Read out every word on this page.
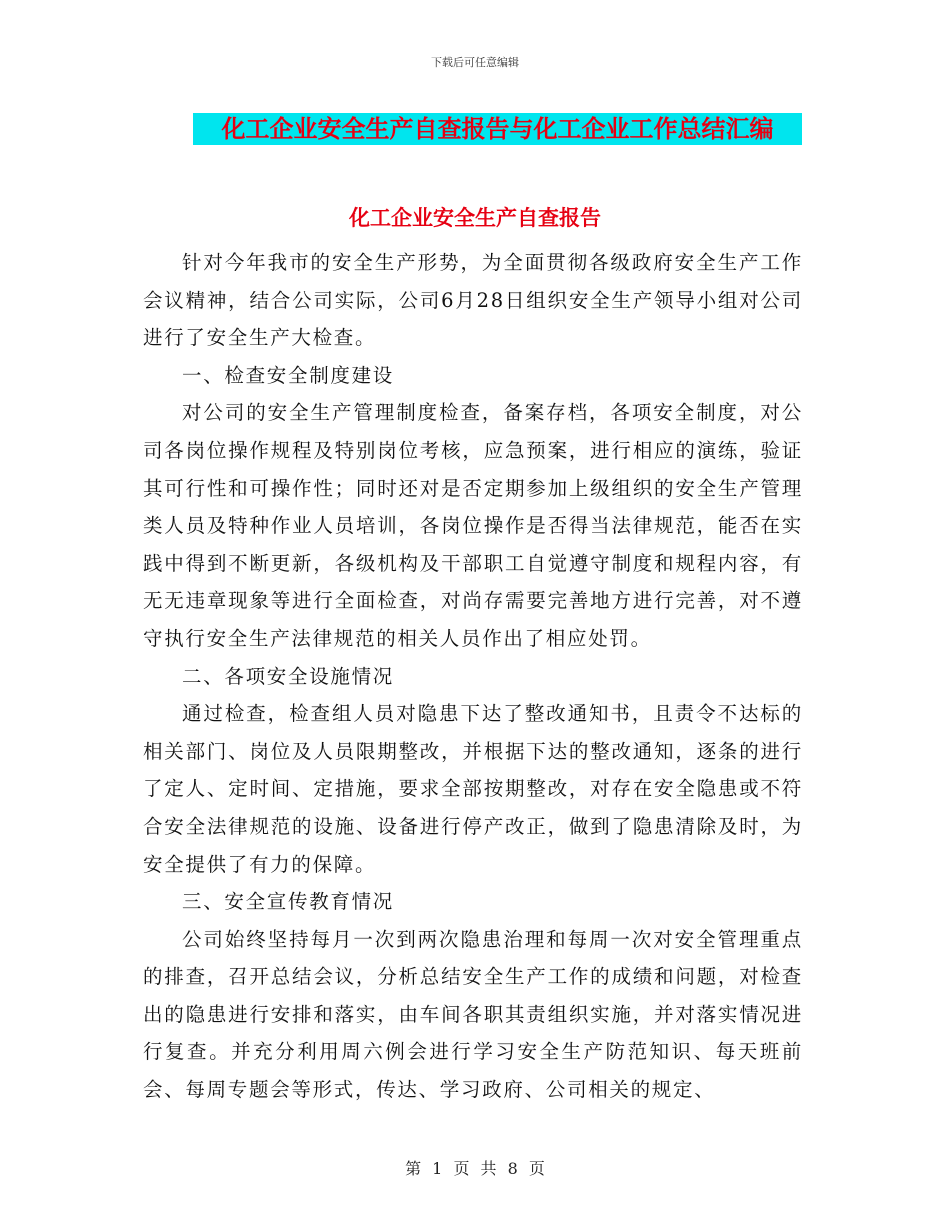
下载后可任意编辑
化工企业安全生产自查报告与化工企业工作总结汇编
化工企业安全生产自查报告

针对今年我市的安全生产形势，为全面贯彻各级政府安全生产工作会议精神，结合公司实际，公司6月28日组织安全生产领导小组对公司进行了安全生产大检查。

一、检查安全制度建设

对公司的安全生产管理制度检查，备案存档，各项安全制度，对公司各岗位操作规程及特别岗位考核，应急预案，进行相应的演练，验证其可行性和可操作性；同时还对是否定期参加上级组织的安全生产管理类人员及特种作业人员培训，各岗位操作是否得当法律规范，能否在实践中得到不断更新，各级机构及干部职工自觉遵守制度和规程内容，有无无违章现象等进行全面检查，对尚存需要完善地方进行完善，对不遵守执行安全生产法律规范的相关人员作出了相应处罚。

二、各项安全设施情况

通过检查，检查组人员对隐患下达了整改通知书，且责令不达标的相关部门、岗位及人员限期整改，并根据下达的整改通知，逐条的进行了定人、定时间、定措施，要求全部按期整改，对存在安全隐患或不符合安全法律规范的设施、设备进行停产改正，做到了隐患清除及时，为安全提供了有力的保障。

三、安全宣传教育情况

公司始终坚持每月一次到两次隐患治理和每周一次对安全管理重点的排查，召开总结会议，分析总结安全生产工作的成绩和问题，对检查出的隐患进行安排和落实，由车间各职其责组织实施，并对落实情况进行复查。并充分利用周六例会进行学习安全生产防范知识、每天班前会、每周专题会等形式，传达、学习政府、公司相关的规定、

第 1 页 共 8 页
